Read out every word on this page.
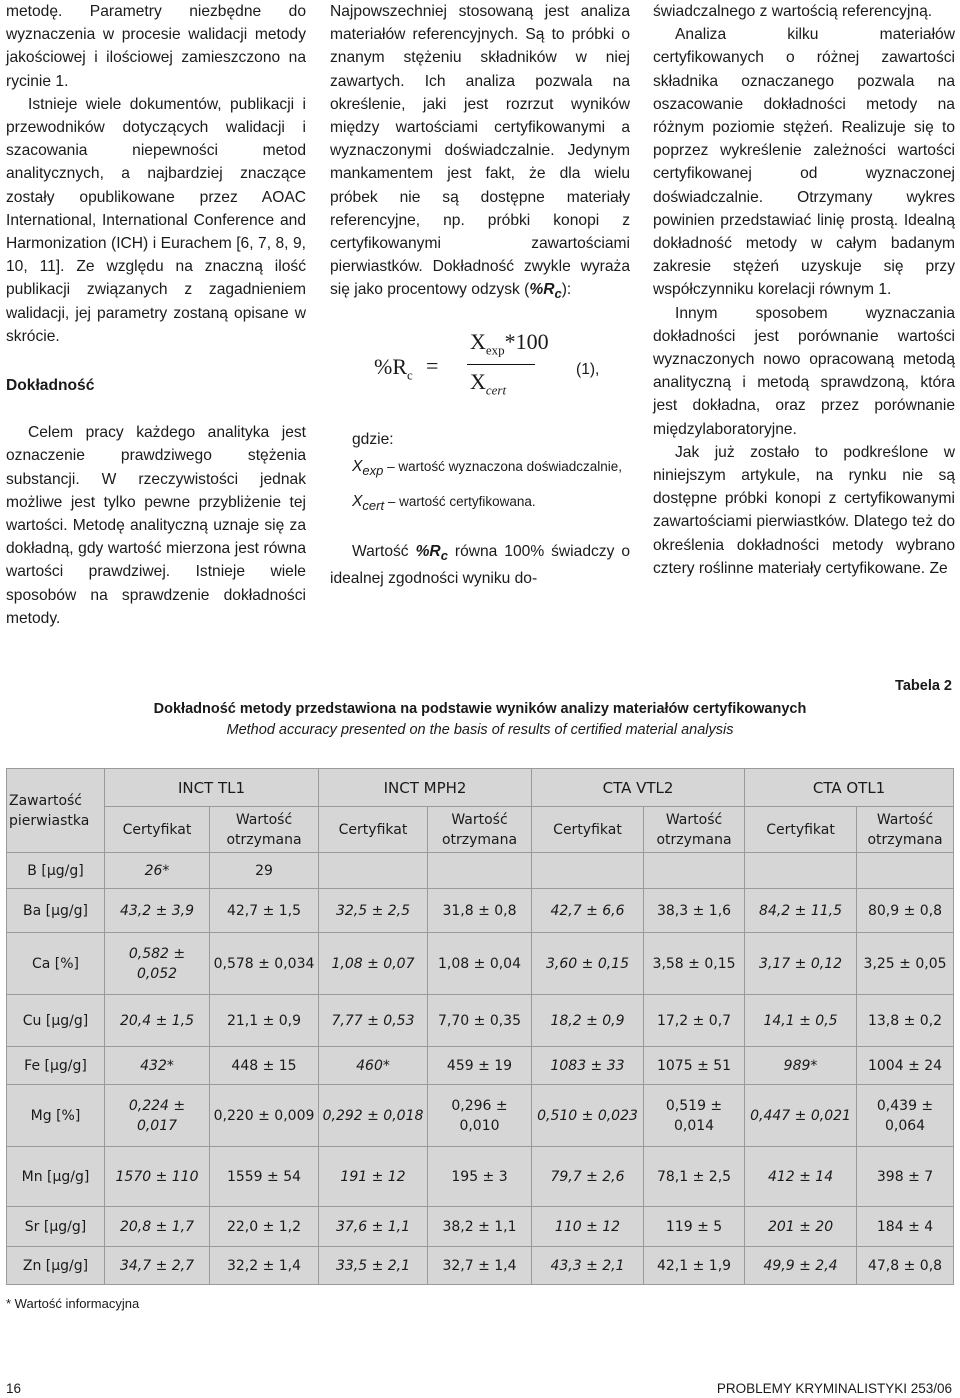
metodę. Parametry niezbędne do wyznaczenia w procesie walidacji metody jakościowej i ilościowej zamieszczono na rycinie 1.

Istnieje wiele dokumentów, publikacji i przewodników dotyczących walidacji i szacowania niepewności metod analitycznych, a najbardziej znaczące zostały opublikowane przez AOAC International, International Conference and Harmonization (ICH) i Eurachem [6, 7, 8, 9, 10, 11]. Ze względu na znaczną ilość publikacji związanych z zagadnieniem walidacji, jej parametry zostaną opisane w skrócie.

Dokładność

Celem pracy każdego analityka jest oznaczenie prawdziwego stężenia substancji. W rzeczywistości jednak możliwe jest tylko pewne przybliżenie tej wartości. Metodę analityczną uznaje się za dokładną, gdy wartość mierzona jest równa wartości prawdziwej. Istnieje wiele sposobów na sprawdzenie dokładności metody.

Najpowszechniej stosowaną jest analiza materiałów referencyjnych. Są to próbki o znanym stężeniu składników w niej zawartych. Ich analiza pozwala na określenie, jaki jest rozrzut wyników między wartościami certyfikowanymi a wyznaczonymi doświadczalnie. Jedynym mankamentem jest fakt, że dla wielu próbek nie są dostępne materiały referencyjne, np. próbki konopi z certyfikowanymi zawartościami pierwiastków. Dokładność zwykle wyraża się jako procentowy odzysk $(\%R_c)$:

$\%R_c$ =
$X_{exp}*100$
$X_{cert}$
(1),

gdzie:

$X_{exp}$ – wartość wyznaczona doświadczalnie,

$X_{cert}$ – wartość certyfikowana.

Wartość $\%R_c$ równa 100% świadczy o idealnej zgodności wyniku do-

świadczalnego z wartością referencyjną.

Analiza kilku materiałów certyfikowanych o różnej zawartości składnika oznaczanego pozwala na oszacowanie dokładności metody na różnym poziomie stężeń. Realizuje się to poprzez wykreślenie zależności wartości certyfikowanej od wyznaczonej doświadczalnie. Otrzymany wykres powinien przedstawiać linię prostą. Idealną dokładność metody w całym badanym zakresie stężeń uzyskuje się przy współczynniku korelacji równym 1.

Innym sposobem wyznaczania dokładności jest porównanie wartości wyznaczonych nowo opracowaną metodą analityczną i metodą sprawdzoną, która jest dokładna, oraz przez porównanie międzylaboratoryjne.

Jak już zostało to podkreślone w niniejszym artykule, na rynku nie są dostępne próbki konopi z certyfikowanymi zawartościami pierwiastków. Dlatego też do określenia dokładności metody wybrano cztery roślinne materiały certyfikowane. Ze

Tabela 2
Dokładność metody przedstawiona na podstawie wyników analizy materiałów certyfikowanych
Method accuracy presented on the basis of results of certified material analysis
Zawartość pierwiastka	INCT TL1		INCT MPH2		CTA VTL2		CTA OTL1	
	Certyfikat	Wartość otrzymana	Certyfikat	Wartość otrzymana	Certyfikat	Wartość otrzymana	Certyfikat	Wartość otrzymana
B [μg/g]	26*	29						
Ba [μg/g]	43,2 ± 3,9	42,7 ± 1,5	32,5 ± 2,5	31,8 ± 0,8	42,7 ± 6,6	38,3 ± 1,6	84,2 ± 11,5	80,9 ± 0,8
Ca [%]	0,582 ± 0,052	0,578 ± 0,034	1,08 ± 0,07	1,08 ± 0,04	3,60 ± 0,15	3,58 ± 0,15	3,17 ± 0,12	3,25 ± 0,05
Cu [μg/g]	20,4 ± 1,5	21,1 ± 0,9	7,77 ± 0,53	7,70 ± 0,35	18,2 ± 0,9	17,2 ± 0,7	14,1 ± 0,5	13,8 ± 0,2
Fe [μg/g]	432*	448 ± 15	460*	459 ± 19	1083 ± 33	1075 ± 51	989*	1004 ± 24
Mg [%]	0,224 ± 0,017	0,220 ± 0,009	0,292 ± 0,018	0,296 ± 0,010	0,510 ± 0,023	0,519 ± 0,014	0,447 ± 0,021	0,439 ± 0,064
Mn [μg/g]	1570 ± 110	1559 ± 54	191 ± 12	195 ± 3	79,7 ± 2,6	78,1 ± 2,5	412 ± 14	398 ± 7
Sr [μg/g]	20,8 ± 1,7	22,0 ± 1,2	37,6 ± 1,1	38,2 ± 1,1	110 ± 12	119 ± 5	201 ± 20	184 ± 4
Zn [μg/g]	34,7 ± 2,7	32,2 ± 1,4	33,5 ± 2,1	32,7 ± 1,4	43,3 ± 2,1	42,1 ± 1,9	49,9 ± 2,4	47,8 ± 0,8
* Wartość informacyjna
16	PROBLEMY KRYMINALISTYKI 253/06
